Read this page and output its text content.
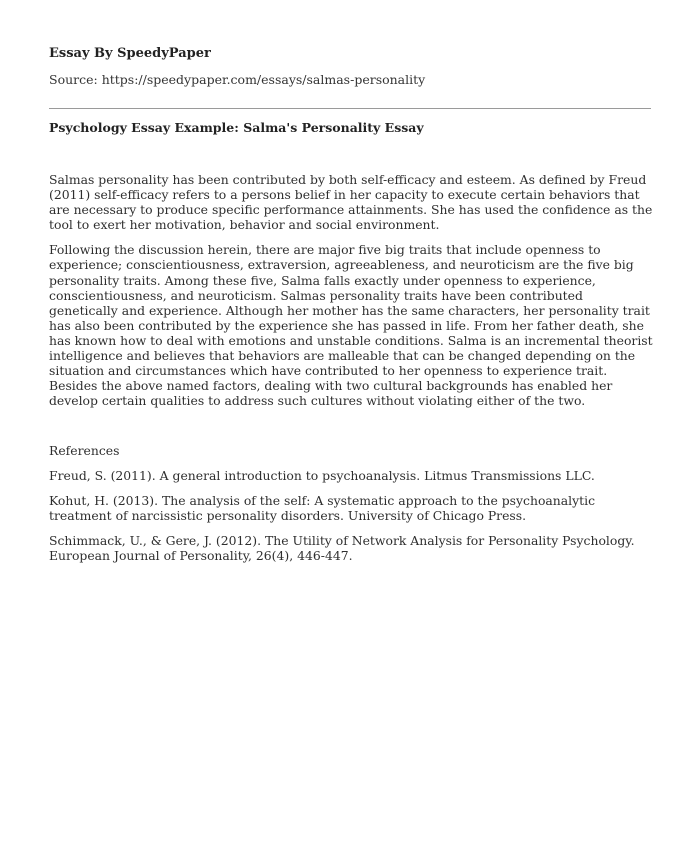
Essay By SpeedyPaper
Source: https://speedypaper.com/essays/salmas-personality
Psychology Essay Example: Salma's Personality Essay

Salmas personality has been contributed by both self-efficacy and esteem. As defined by Freud (2011) self-efficacy refers to a persons belief in her capacity to execute certain behaviors that are necessary to produce specific performance attainments. She has used the confidence as the tool to exert her motivation, behavior and social environment.

Following the discussion herein, there are major five big traits that include openness to experience; conscientiousness, extraversion, agreeableness, and neuroticism are the five big personality traits. Among these five, Salma falls exactly under openness to experience, conscientiousness, and neuroticism. Salmas personality traits have been contributed genetically and experience. Although her mother has the same characters, her personality trait has also been contributed by the experience she has passed in life. From her father death, she has known how to deal with emotions and unstable conditions. Salma is an incremental theorist intelligence and believes that behaviors are malleable that can be changed depending on the situation and circumstances which have contributed to her openness to experience trait. Besides the above named factors, dealing with two cultural backgrounds has enabled her develop certain qualities to address such cultures without violating either of the two.

References

Freud, S. (2011). A general introduction to psychoanalysis. Litmus Transmissions LLC.

Kohut, H. (2013). The analysis of the self: A systematic approach to the psychoanalytic treatment of narcissistic personality disorders. University of Chicago Press.

Schimmack, U., & Gere, J. (2012). The Utility of Network Analysis for Personality Psychology. European Journal of Personality, 26(4), 446-447.
